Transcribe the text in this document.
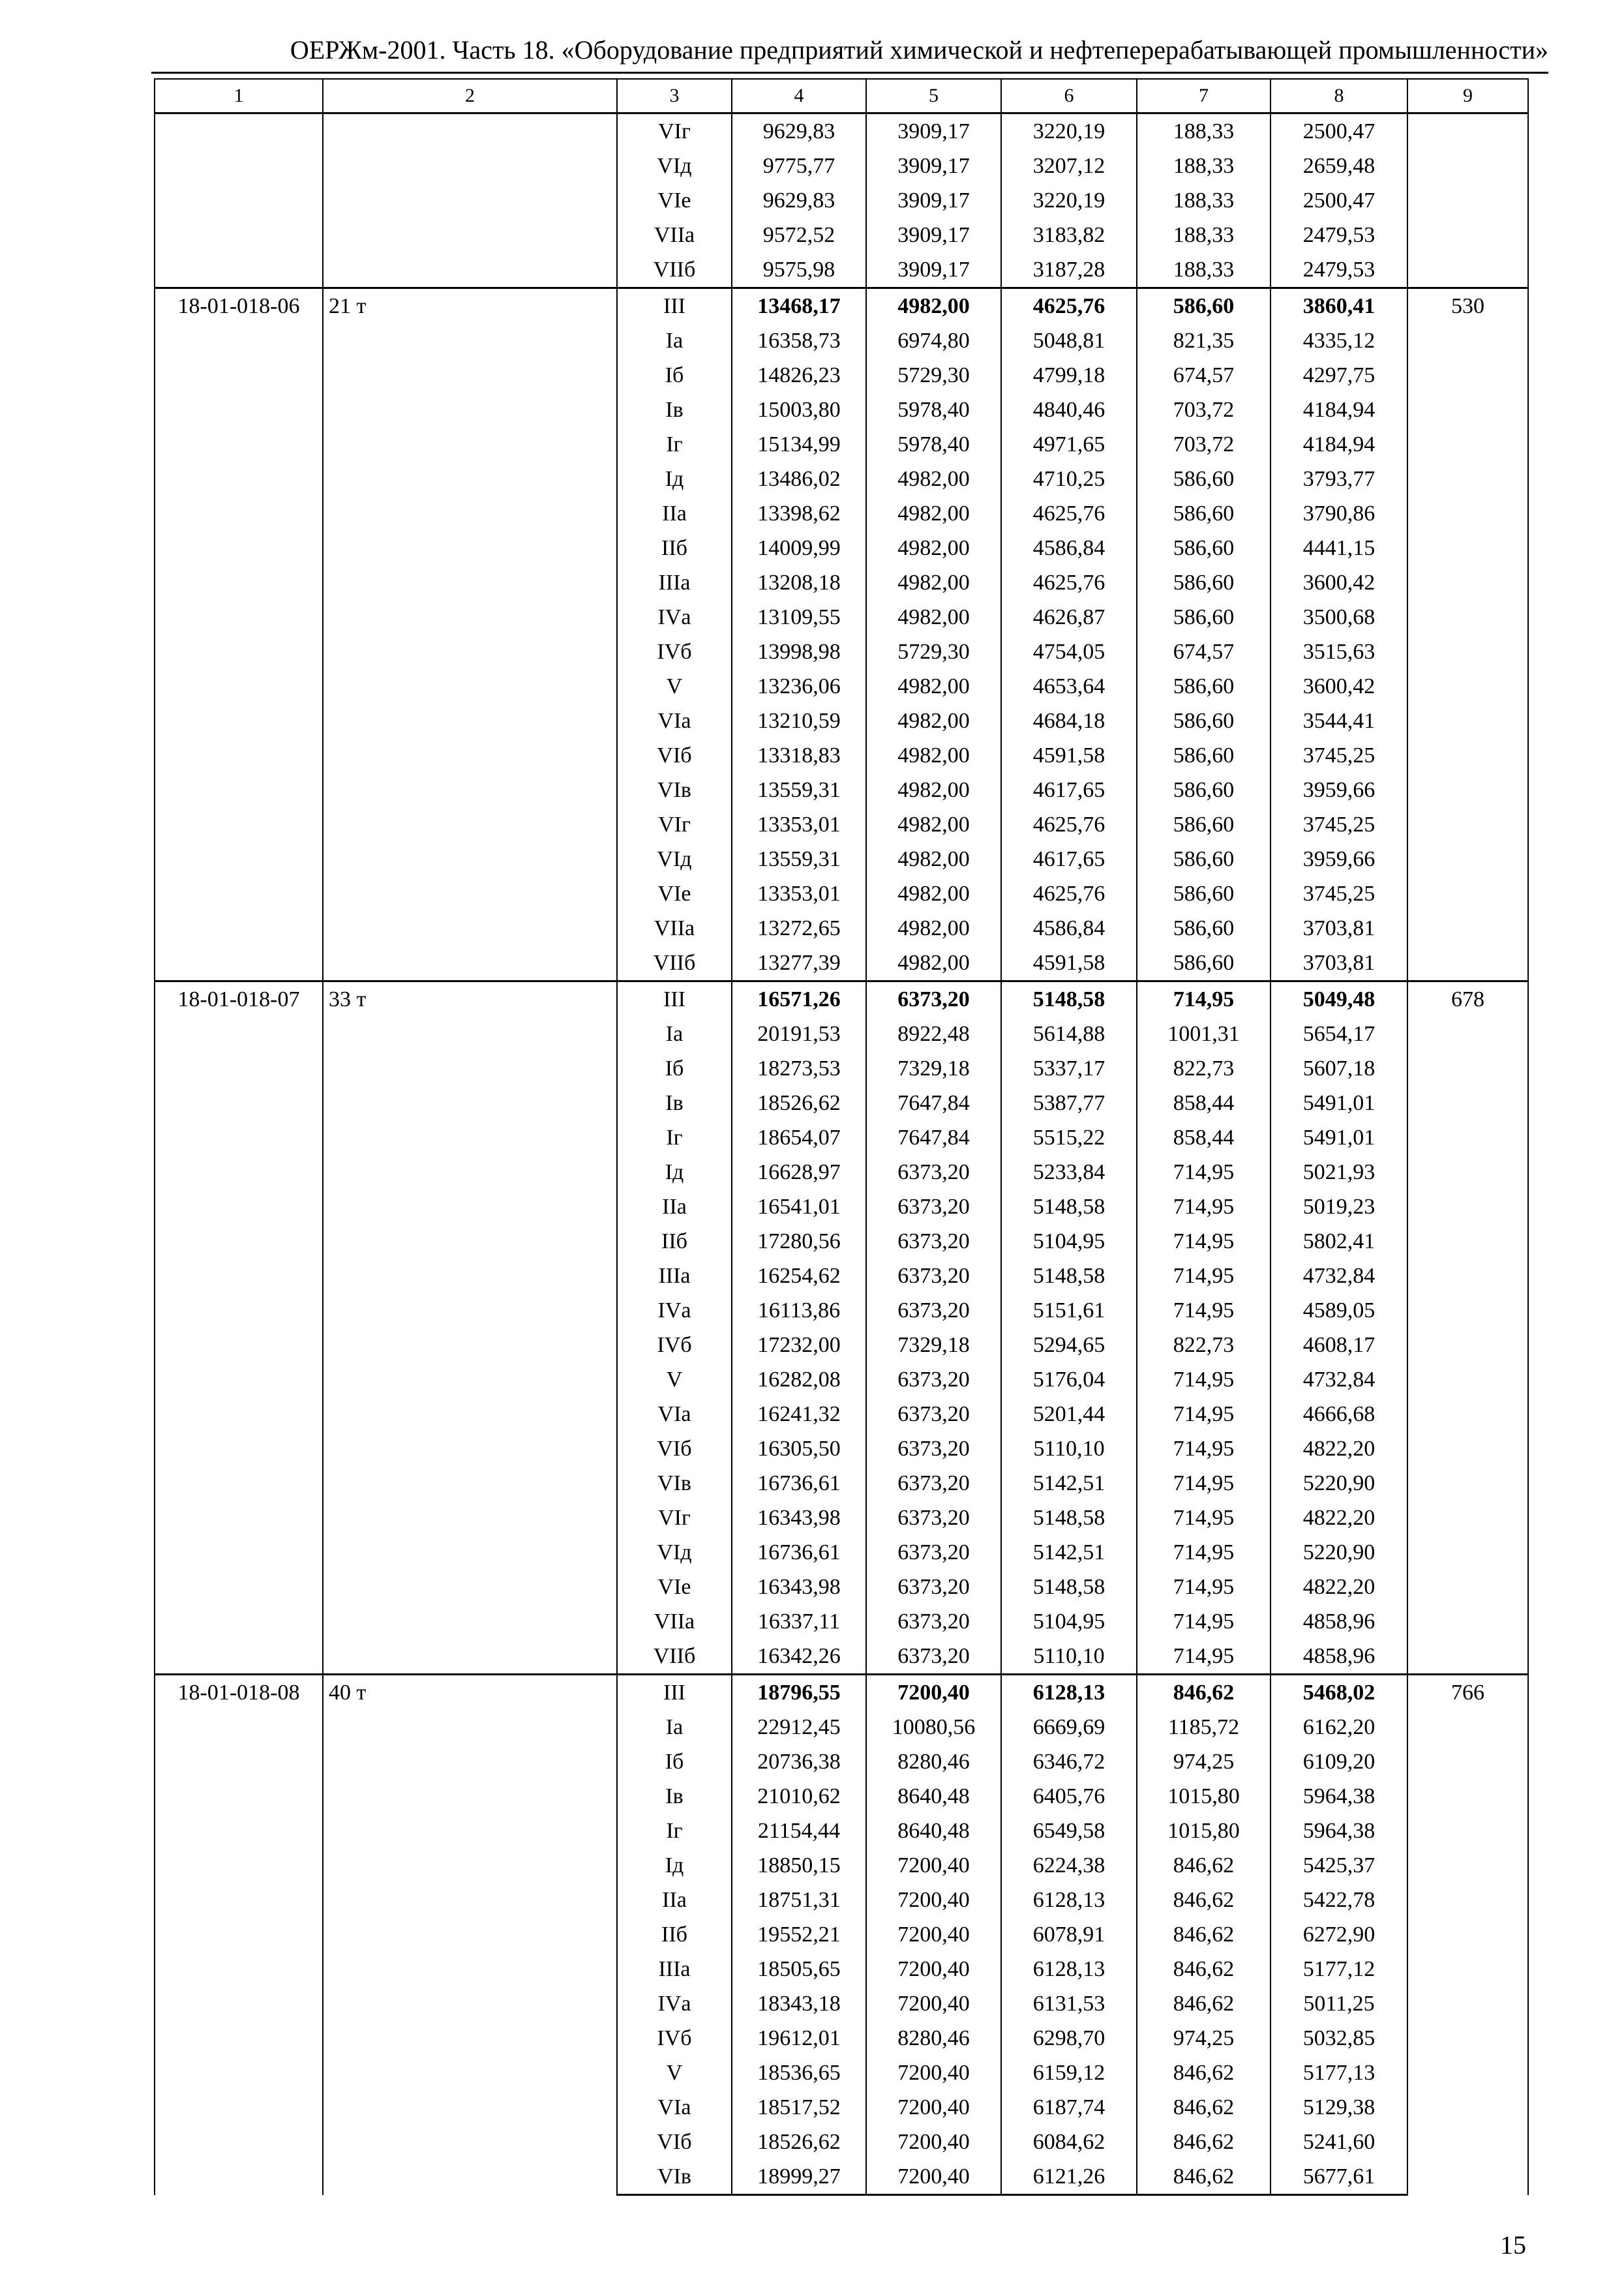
ОЕРЖм-2001. Часть 18. «Оборудование предприятий химической и нефтеперерабатывающей промышленности»
1	2	3	4	5	6	7	8	9
		VIг	9629,83	3909,17	3220,19	188,33	2500,47	
		VIд	9775,77	3909,17	3207,12	188,33	2659,48	
		VIе	9629,83	3909,17	3220,19	188,33	2500,47	
		VIIа	9572,52	3909,17	3183,82	188,33	2479,53	
		VIIб	9575,98	3909,17	3187,28	188,33	2479,53	
18-01-018-06	21 т	III	13468,17	4982,00	4625,76	586,60	3860,41	530
		Iа	16358,73	6974,80	5048,81	821,35	4335,12	
		Iб	14826,23	5729,30	4799,18	674,57	4297,75	
		Iв	15003,80	5978,40	4840,46	703,72	4184,94	
		Iг	15134,99	5978,40	4971,65	703,72	4184,94	
		Iд	13486,02	4982,00	4710,25	586,60	3793,77	
		IIа	13398,62	4982,00	4625,76	586,60	3790,86	
		IIб	14009,99	4982,00	4586,84	586,60	4441,15	
		IIIа	13208,18	4982,00	4625,76	586,60	3600,42	
		IVа	13109,55	4982,00	4626,87	586,60	3500,68	
		IVб	13998,98	5729,30	4754,05	674,57	3515,63	
		V	13236,06	4982,00	4653,64	586,60	3600,42	
		VIа	13210,59	4982,00	4684,18	586,60	3544,41	
		VIб	13318,83	4982,00	4591,58	586,60	3745,25	
		VIв	13559,31	4982,00	4617,65	586,60	3959,66	
		VIг	13353,01	4982,00	4625,76	586,60	3745,25	
		VIд	13559,31	4982,00	4617,65	586,60	3959,66	
		VIе	13353,01	4982,00	4625,76	586,60	3745,25	
		VIIа	13272,65	4982,00	4586,84	586,60	3703,81	
		VIIб	13277,39	4982,00	4591,58	586,60	3703,81	
18-01-018-07	33 т	III	16571,26	6373,20	5148,58	714,95	5049,48	678
		Iа	20191,53	8922,48	5614,88	1001,31	5654,17	
		Iб	18273,53	7329,18	5337,17	822,73	5607,18	
		Iв	18526,62	7647,84	5387,77	858,44	5491,01	
		Iг	18654,07	7647,84	5515,22	858,44	5491,01	
		Iд	16628,97	6373,20	5233,84	714,95	5021,93	
		IIа	16541,01	6373,20	5148,58	714,95	5019,23	
		IIб	17280,56	6373,20	5104,95	714,95	5802,41	
		IIIа	16254,62	6373,20	5148,58	714,95	4732,84	
		IVа	16113,86	6373,20	5151,61	714,95	4589,05	
		IVб	17232,00	7329,18	5294,65	822,73	4608,17	
		V	16282,08	6373,20	5176,04	714,95	4732,84	
		VIа	16241,32	6373,20	5201,44	714,95	4666,68	
		VIб	16305,50	6373,20	5110,10	714,95	4822,20	
		VIв	16736,61	6373,20	5142,51	714,95	5220,90	
		VIг	16343,98	6373,20	5148,58	714,95	4822,20	
		VIд	16736,61	6373,20	5142,51	714,95	5220,90	
		VIе	16343,98	6373,20	5148,58	714,95	4822,20	
		VIIа	16337,11	6373,20	5104,95	714,95	4858,96	
		VIIб	16342,26	6373,20	5110,10	714,95	4858,96	
18-01-018-08	40 т	III	18796,55	7200,40	6128,13	846,62	5468,02	766
		Iа	22912,45	10080,56	6669,69	1185,72	6162,20	
		Iб	20736,38	8280,46	6346,72	974,25	6109,20	
		Iв	21010,62	8640,48	6405,76	1015,80	5964,38	
		Iг	21154,44	8640,48	6549,58	1015,80	5964,38	
		Iд	18850,15	7200,40	6224,38	846,62	5425,37	
		IIа	18751,31	7200,40	6128,13	846,62	5422,78	
		IIб	19552,21	7200,40	6078,91	846,62	6272,90	
		IIIа	18505,65	7200,40	6128,13	846,62	5177,12	
		IVа	18343,18	7200,40	6131,53	846,62	5011,25	
		IVб	19612,01	8280,46	6298,70	974,25	5032,85	
		V	18536,65	7200,40	6159,12	846,62	5177,13	
		VIа	18517,52	7200,40	6187,74	846,62	5129,38	
		VIб	18526,62	7200,40	6084,62	846,62	5241,60	
		VIв	18999,27	7200,40	6121,26	846,62	5677,61	
15
